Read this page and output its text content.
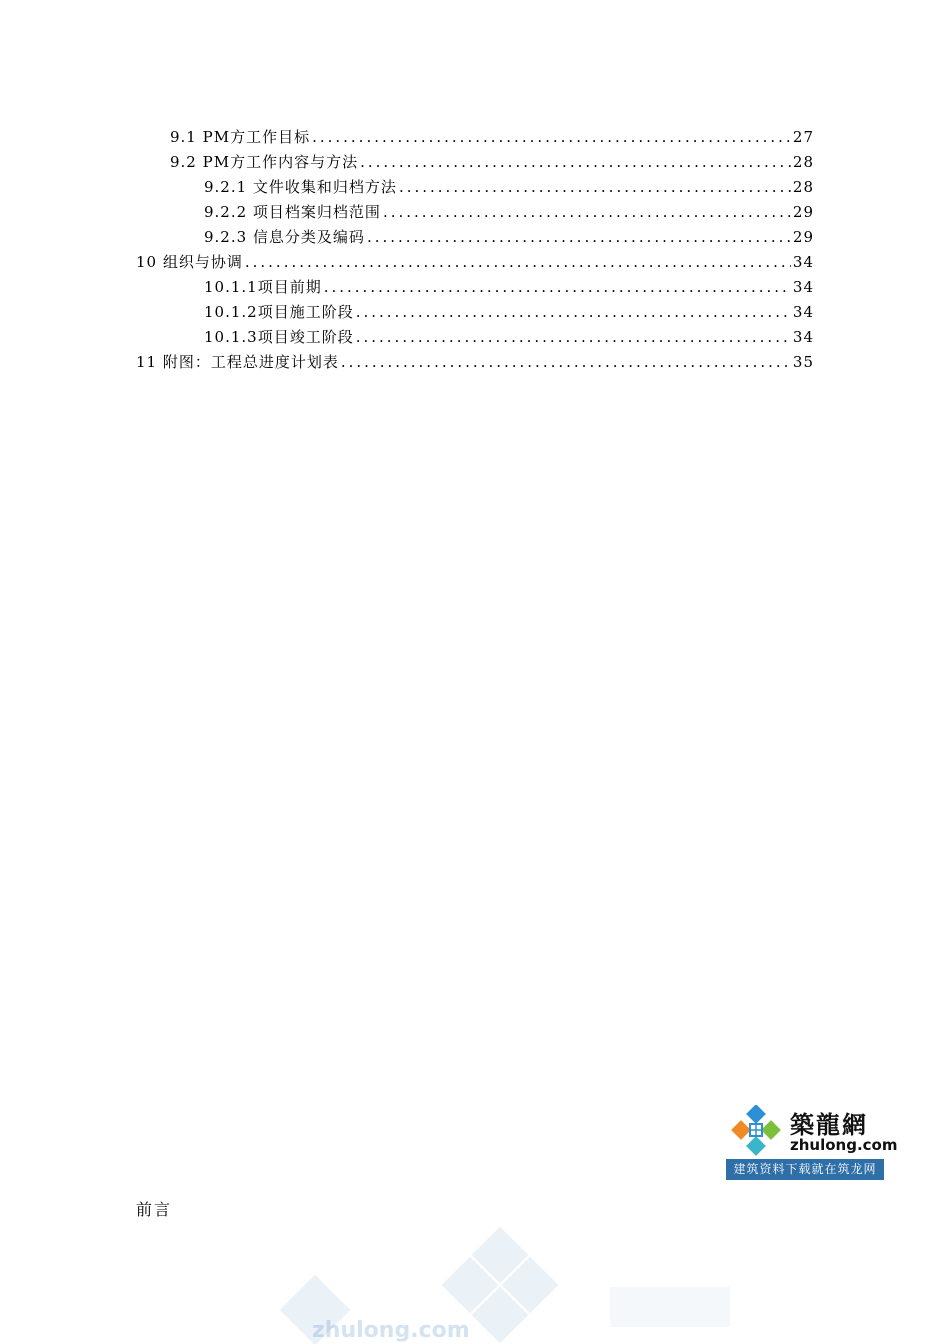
9.1 PM方工作目标 .....	27
9.2 PM方工作内容与方法 .....	28
9.2.1 文件收集和归档方法 .....	28
9.2.2 项目档案归档范围 .....	29
9.2.3 信息分类及编码 .....	29
10 组织与协调 .....	34
10.1.1项目前期 .....	34
10.1.2项目施工阶段 .....	34
10.1.3项目竣工阶段 .....	34
11 附图：工程总进度计划表 .....	35
築龍網
zhulong.com
建筑资料下载就在筑龙网
前言
zhulong.com
